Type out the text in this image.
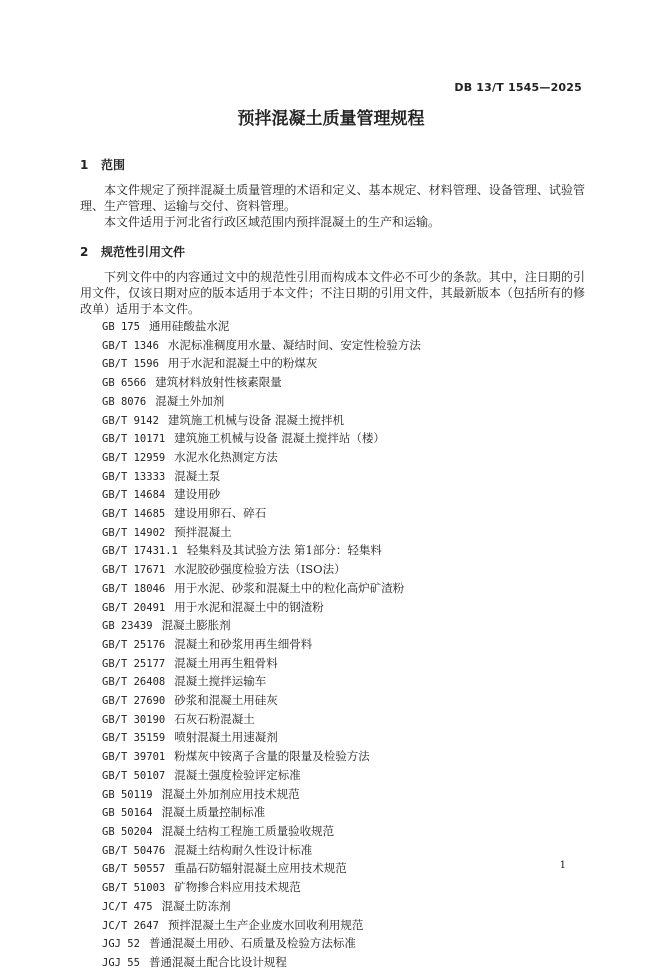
DB 13/T 1545—2025
预拌混凝土质量管理规程
1 范围

本文件规定了预拌混凝土质量管理的术语和定义、基本规定、材料管理、设备管理、试验管理、生产管理、运输与交付、资料管理。

本文件适用于河北省行政区域范围内预拌混凝土的生产和运输。

2 规范性引用文件

下列文件中的内容通过文中的规范性引用而构成本文件必不可少的条款。其中，注日期的引用文件，仅该日期对应的版本适用于本文件；不注日期的引用文件，其最新版本（包括所有的修改单）适用于本文件。

GB 175 通用硅酸盐水泥
GB/T 1346 水泥标准稠度用水量、凝结时间、安定性检验方法
GB/T 1596 用于水泥和混凝土中的粉煤灰
GB 6566 建筑材料放射性核素限量
GB 8076 混凝土外加剂
GB/T 9142 建筑施工机械与设备 混凝土搅拌机
GB/T 10171 建筑施工机械与设备 混凝土搅拌站（楼）
GB/T 12959 水泥水化热测定方法
GB/T 13333 混凝土泵
GB/T 14684 建设用砂
GB/T 14685 建设用卵石、碎石
GB/T 14902 预拌混凝土
GB/T 17431.1 轻集料及其试验方法 第1部分：轻集料
GB/T 17671 水泥胶砂强度检验方法（ISO法）
GB/T 18046 用于水泥、砂浆和混凝土中的粒化高炉矿渣粉
GB/T 20491 用于水泥和混凝土中的钢渣粉
GB 23439 混凝土膨胀剂
GB/T 25176 混凝土和砂浆用再生细骨料
GB/T 25177 混凝土用再生粗骨料
GB/T 26408 混凝土搅拌运输车
GB/T 27690 砂浆和混凝土用硅灰
GB/T 30190 石灰石粉混凝土
GB/T 35159 喷射混凝土用速凝剂
GB/T 39701 粉煤灰中铵离子含量的限量及检验方法
GB/T 50107 混凝土强度检验评定标准
GB 50119 混凝土外加剂应用技术规范
GB 50164 混凝土质量控制标准
GB 50204 混凝土结构工程施工质量验收规范
GB/T 50476 混凝土结构耐久性设计标准
GB/T 50557 重晶石防辐射混凝土应用技术规范
GB/T 51003 矿物掺合料应用技术规范
JC/T 475 混凝土防冻剂
JC/T 2647 预拌混凝土生产企业废水回收利用规范
JGJ 52 普通混凝土用砂、石质量及检验方法标准
JGJ 55 普通混凝土配合比设计规程
1
